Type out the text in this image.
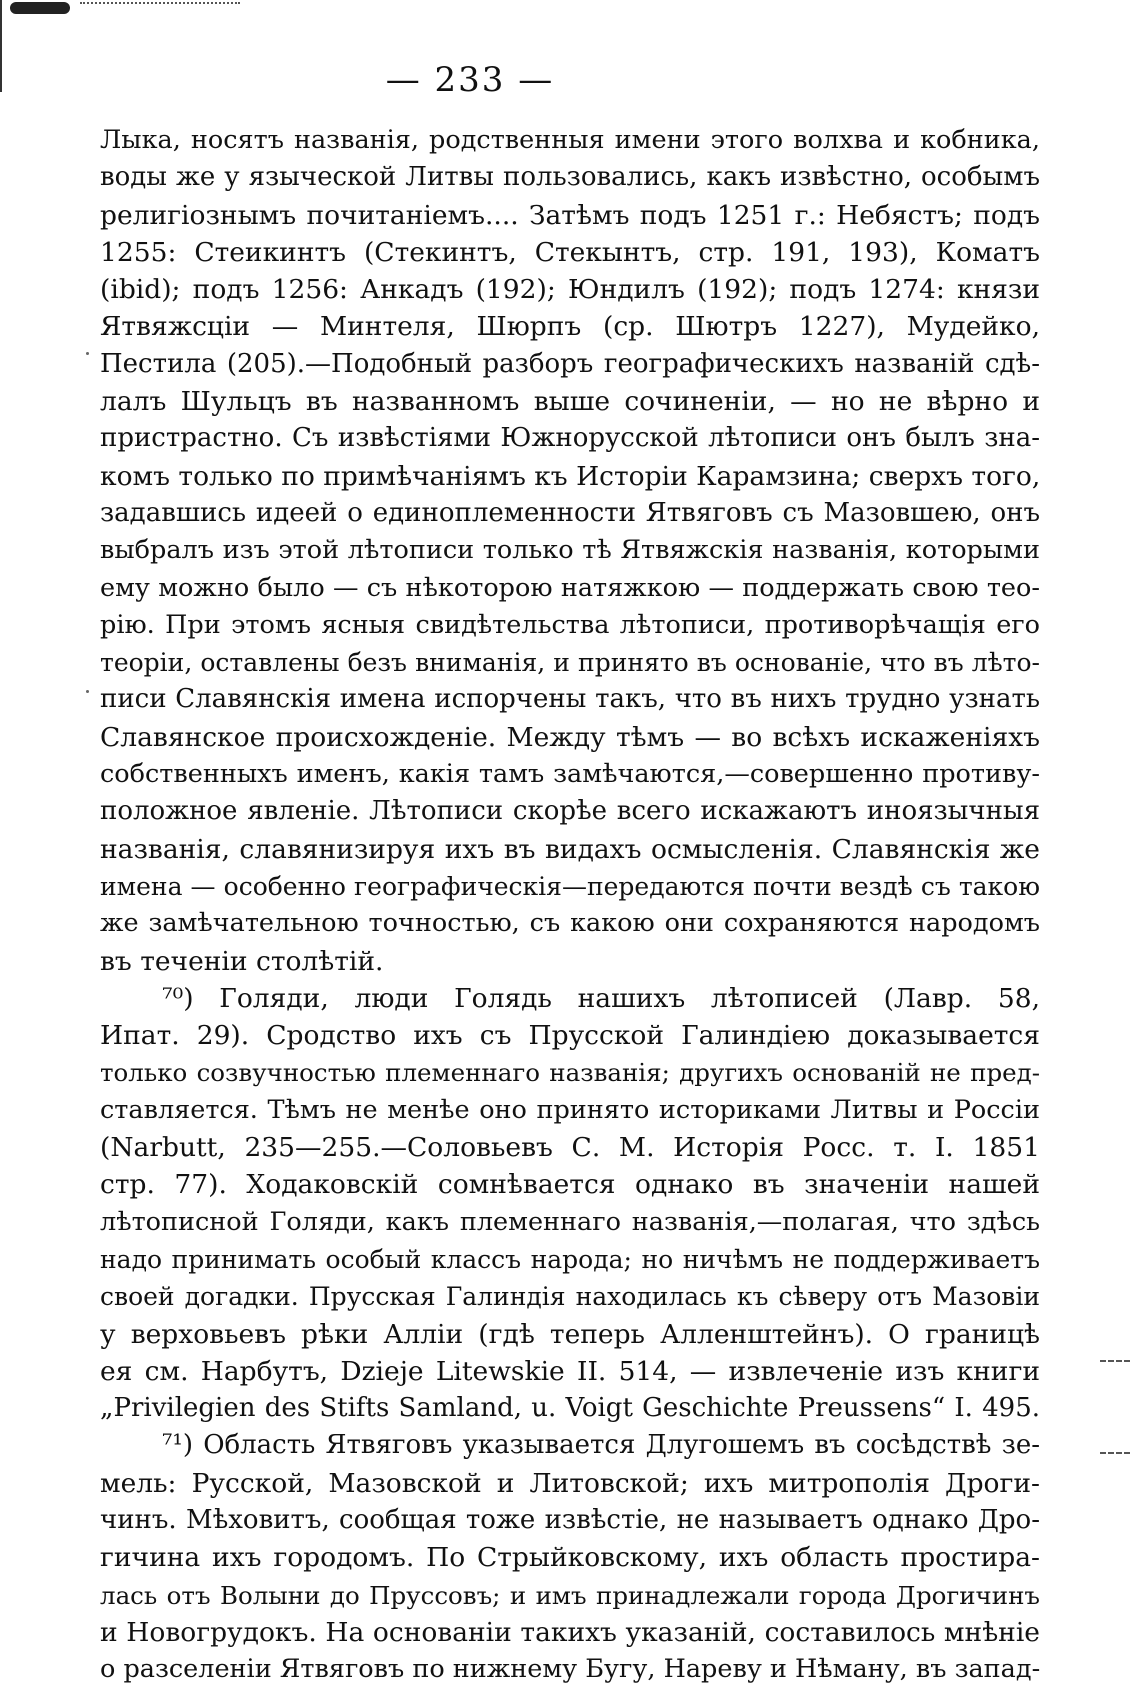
— 233 —

Лыка, носятъ названія, родственныя имени этого волхва и кобника,
воды же у языческой Литвы пользовались, какъ извѣстно, особымъ
религіознымъ почитаніемъ.... Затѣмъ подъ 1251 г.: Небястъ; подъ
1255: Стеикинтъ (Стекинтъ, Стекынтъ, стр. 191, 193), Коматъ
(ibid); подъ 1256: Анкадъ (192); Юндилъ (192); подъ 1274: князи
Ятвяжсціи — Минтеля, Шюрпъ (ср. Шютръ 1227), Мудейко,
Пестила (205).—Подобный разборъ географическихъ названій сдѣ-
лалъ Шульцъ въ названномъ выше сочиненіи, — но не вѣрно и
пристрастно. Съ извѣстіями Южнорусской лѣтописи онъ былъ зна-
комъ только по примѣчаніямъ къ Исторіи Карамзина; сверхъ того,
задавшись идеей о единоплеменности Ятвяговъ съ Мазовшею, онъ
выбралъ изъ этой лѣтописи только тѣ Ятвяжскія названія, которыми
ему можно было — съ нѣкоторою натяжкою — поддержать свою тео-
рію. При этомъ ясныя свидѣтельства лѣтописи, противорѣчащія его
теоріи, оставлены безъ вниманія, и принято въ основаніе, что въ лѣто-
писи Славянскія имена испорчены такъ, что въ нихъ трудно узнать
Славянское происхожденіе. Между тѣмъ — во всѣхъ искаженіяхъ
собственныхъ именъ, какія тамъ замѣчаются,—совершенно противу-
положное явленіе. Лѣтописи скорѣе всего искажаютъ иноязычныя
названія, славянизируя ихъ въ видахъ осмысленія. Славянскія же
имена — особенно географическія—передаются почти вездѣ съ такою
же замѣчательною точностью, съ какою они сохраняются народомъ
въ теченіи столѣтій.
⁷⁰) Голяди, люди Голядь нашихъ лѣтописей (Лавр. 58,
Ипат. 29). Сродство ихъ съ Прусской Галиндіею доказывается
только созвучностью племеннаго названія; другихъ основаній не пред-
ставляется. Тѣмъ не менѣе оно принято историками Литвы и Россіи
(Narbutt, 235—255.—Соловьевъ С. М. Исторія Росс. т. I. 1851
стр. 77). Ходаковскій сомнѣвается однако въ значеніи нашей
лѣтописной Голяди, какъ племеннаго названія,—полагая, что здѣсь
надо принимать особый классъ народа; но ничѣмъ не поддерживаетъ
своей догадки. Прусская Галиндія находилась къ сѣверу отъ Мазовіи
у верховьевъ рѣки Алліи (гдѣ теперь Алленштейнъ). О границѣ
ея см. Нарбутъ, Dzieje Litewskie II. 514, — извлеченіе изъ книги
„Privilegien des Stifts Samland, u. Voigt Geschichte Preussens“ I. 495.
⁷¹) Область Ятвяговъ указывается Длугошемъ въ сосѣдствѣ зе-
мель: Русской, Мазовской и Литовской; ихъ митрополія Дроги-
чинъ. Мѣховитъ, сообщая тоже извѣстіе, не называетъ однако Дро-
гичина ихъ городомъ. По Стрыйковскому, ихъ область простира-
лась отъ Волыни до Пруссовъ; и имъ принадлежали города Дрогичинъ
и Новогрудокъ. На основаніи такихъ указаній, составилось мнѣніе
о разселеніи Ятвяговъ по нижнему Бугу, Нареву и Нѣману, въ запад-
